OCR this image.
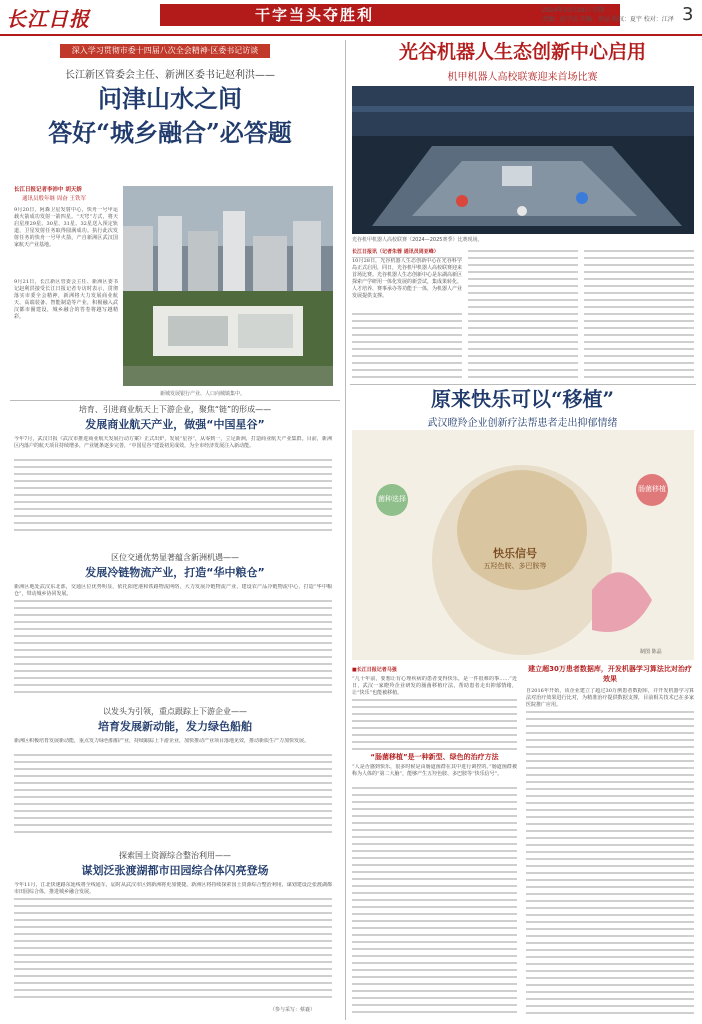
长江日报	干字当头夺胜利	2024年10月29日 星期二
责编：彭学成 美编：徐晶 版权：夏宇 校对：江泽 3
深入学习贯彻市委十四届八次全会精神·区委书记访谈
长江新区管委会主任、新洲区委书记赵利洪——
问津山水之间
答好“城乡融合”必答题
长江日报记者李沛中 胡天娇
通讯员殷年继 周奋 王铁军
9月20日，阿森卫星发射中心，快舟一号甲运载火箭成功发射一箭四星。“天穹”方式，将天启星座29星、30星、31星、32星送入预定轨道，卫星发射任务取得圆满成功。执行此次发射任务的快舟一号甲火箭，产自新洲区武汉国家航天产业基地。
9月21日，长江新区管委会主任、新洲区委书记赵利洪接受长江日报记者专访时表示，贯彻落实市委全会精神，新洲将大力发展商业航天、高端装备、智能制造等产业，积极融入武汉都市圈建设，城乡融合的答卷将越写越精彩。
新城发展银行产业、人口向城镇集中。
培育、引进商业航天上下游企业，聚焦“链”的形成——
发展商业航天产业，做强“中国星谷”
今年7月，武汉日报《武汉市推进商业航天发展行动方案》正式出炉，发展“星谷”，从零到一，立足新洲，打造商业航天产业集群。目前，新洲区内落户的航天项目持续增多，产业链条逐步完善，“中国星谷”建设初见成效，为全市经济发展注入新动能。
区位交通优势显著蕴含新洲机遇——
发展冷链物流产业，打造“华中粮仓”
新洲区地处武汉东北部，交通区位优势明显，依托阳逻港和铁路物流网络，大力发展冷链物流产业，建设农产品冷链物流中心，打造“华中粮仓”，带动城乡协同发展。
以发头为引领，重点跟踪上下游企业——
培育发展新动能，发力绿色船舶
新洲区积极培育发展新动能，重点发力绿色船舶产业，持续跟踪上下游企业，加快推动产业项目落地见效，推动新质生产力加快发展。
探索国土资源综合整治利用——
谋划泛张渡湖都市田园综合体闪亮登场
今年11月，江北快速路东延线将全线通车，届时从武汉市区到新洲将更加便捷。新洲区将持续探索国土资源综合整治利用，谋划建设泛张渡湖都市田园综合体，推进城乡融合发展。
（参与采写：蔡襄）
光谷机器人生态创新中心启用
机甲机器人高校联赛迎来首场比赛
光谷机甲机器人高校联赛（2024—2025赛季）比赛现场。
长江日报讯（记者朱蓉 通讯员周亚峰）
10月28日，光谷机器人生态创新中心在光谷科学岛正式启用，同日，光谷机甲机器人高校联赛迎来首场比赛。光谷机器人生态创新中心是东湖高新区探索产学研用一体化发展的新尝试，集成果转化、人才培养、赛事承办等功能于一体，为机器人产业发展提供支撑。
原来快乐可以“移植”
武汉瞪羚企业创新疗法帮患者走出抑郁情绪
快乐信号
五羟色胺、多巴胺等
菌种选择
肠菌移植
制图 陈晶
■长江日报记者马强
“几十年前，要想让有心理疾病的患者变得快乐，是一件很难的事……”近日，武汉一家瞪羚企业研发的肠菌移植疗法，帮助患者走出抑郁情绪，让“快乐”也能被移植。
“肠菌移植”是一种新型、绿色的治疗方法
“人是否感到快乐，很多时候是由肠道菌群在其中进行调控的。”肠道菌群被称为人体的“第二大脑”，能够产生五羟色胺、多巴胺等“快乐信号”。
建立超30万患者数据库，开发机器学习算法比对治疗效果
自2016年开始，该企业建立了超过30万例患者数据库，并开发机器学习算法对治疗效果进行比对，为精准治疗提供数据支撑，目前相关技术已在多家医院推广应用。
